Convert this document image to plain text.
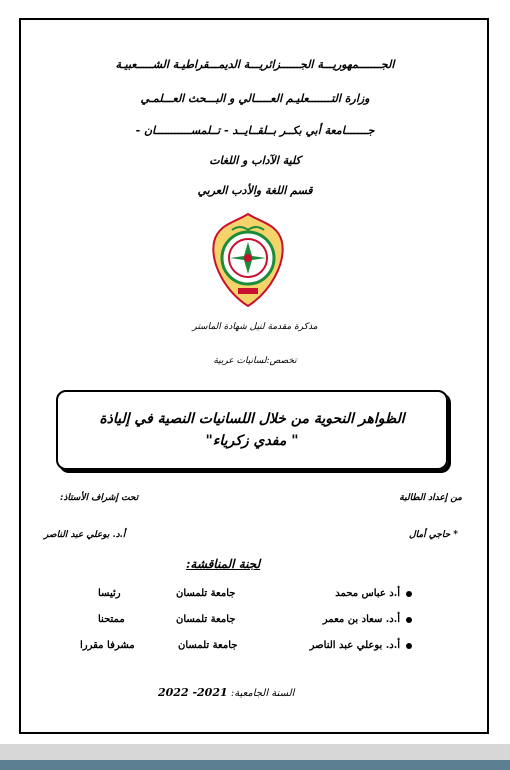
الجـــــــمهوريـــة الجــــــزائريـــة الديمـــقراطيـة الشـــــعبيـة
وزارة التـــــــعليـم العـــــالي و البـــحث العـــلمـي
جـــــــامعة أبي بكــر بــلقــايــد - تــلمســـــــــــان -
كلية الآداب و اللغات
قسم اللغة والأدب العربي
مذكرة مقدمة لنيل شهادة الماستر
تخصص:لسانيات عربية
الظواهر النحوية من خلال اللسانيات النصية في إلياذة
" مفدي زكرياء"
من إعداد الطالبة
تحت إشراف الأستاذ:
* حاجي أمال
أ.د. بوعلي عبد الناصر
لجنة المناقشة:
أ.د عباس محمد
جامعة تلمسان
رئيسا
أ.د. سعاد بن معمر
جامعة تلمسان
ممتحنا
أ.د. بوعلي عبد الناصر
جامعة تلمسان
مشرفا مقررا
السنة الجامعية: 2021- 2022
